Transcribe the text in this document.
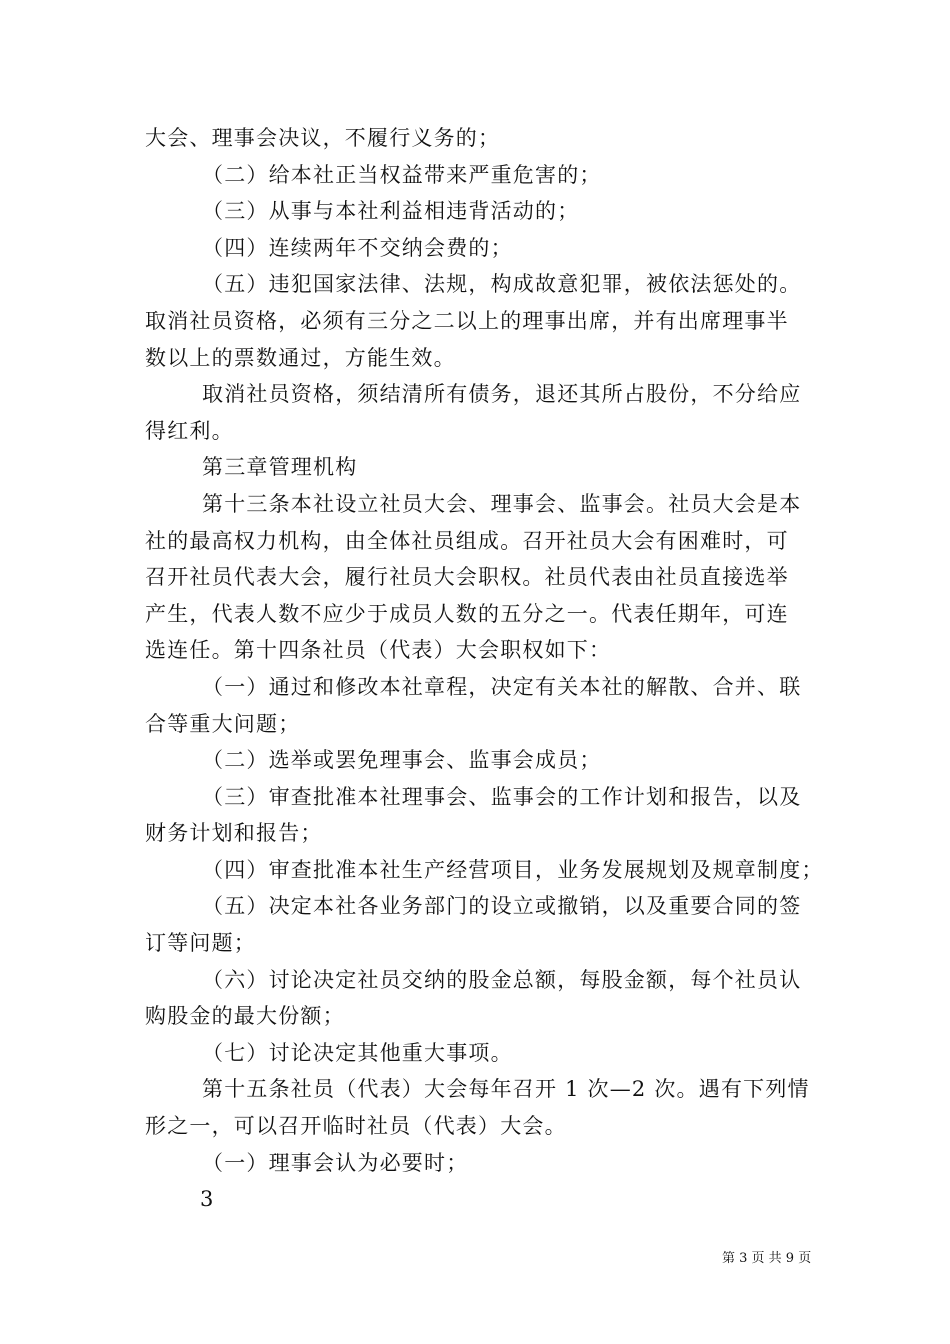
大会、理事会决议，不履行义务的；
（二）给本社正当权益带来严重危害的；
（三）从事与本社利益相违背活动的；
（四）连续两年不交纳会费的；
（五）违犯国家法律、法规，构成故意犯罪，被依法惩处的。
取消社员资格，必须有三分之二以上的理事出席，并有出席理事半
数以上的票数通过，方能生效。
取消社员资格，须结清所有债务，退还其所占股份，不分给应
得红利。
第三章管理机构
第十三条本社设立社员大会、理事会、监事会。社员大会是本
社的最高权力机构，由全体社员组成。召开社员大会有困难时，可
召开社员代表大会，履行社员大会职权。社员代表由社员直接选举
产生，代表人数不应少于成员人数的五分之一。代表任期年，可连
选连任。第十四条社员（代表）大会职权如下：
（一）通过和修改本社章程，决定有关本社的解散、合并、联
合等重大问题；
（二）选举或罢免理事会、监事会成员；
（三）审查批准本社理事会、监事会的工作计划和报告，以及
财务计划和报告；
（四）审查批准本社生产经营项目，业务发展规划及规章制度；
（五）决定本社各业务部门的设立或撤销，以及重要合同的签
订等问题；
（六）讨论决定社员交纳的股金总额，每股金额，每个社员认
购股金的最大份额；
（七）讨论决定其他重大事项。
第十五条社员（代表）大会每年召开 1 次—2 次。遇有下列情
形之一，可以召开临时社员（代表）大会。
（一）理事会认为必要时；
3
第 3 页 共 9 页
